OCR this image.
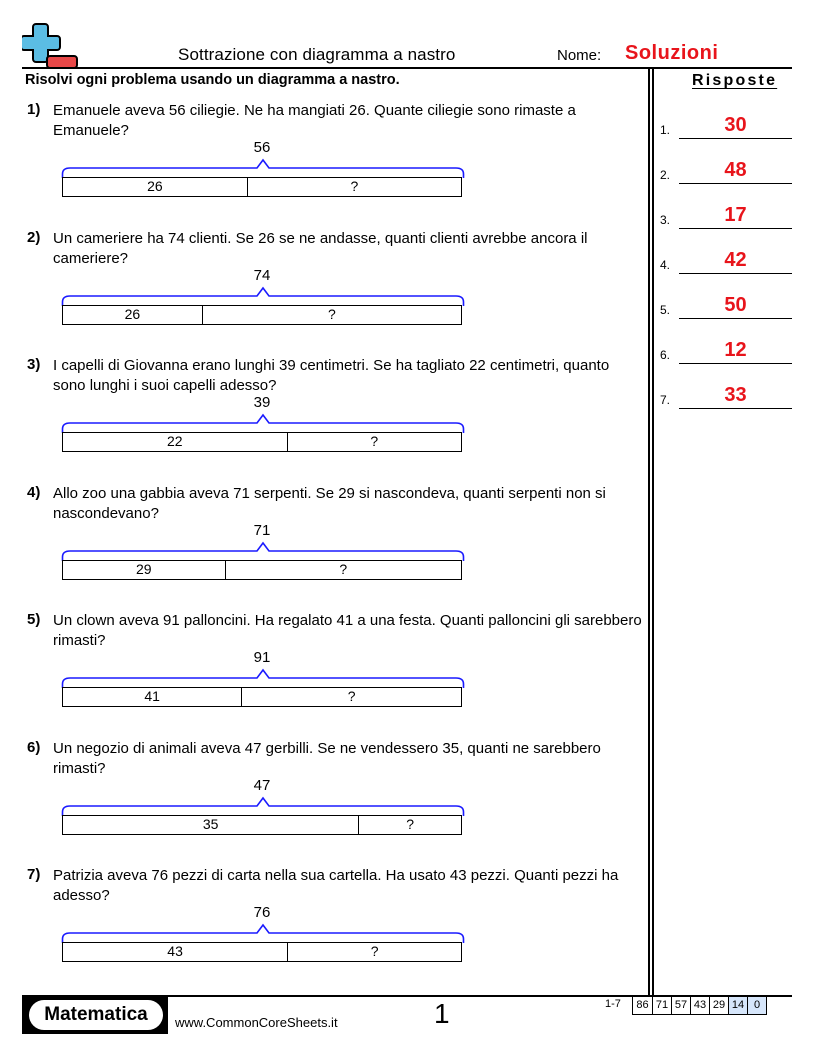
Sottrazione con diagramma a nastro	Nome: Soluzioni
Risolvi ogni problema usando un diagramma a nastro.	Risposte
1.	30
2.	48
3.	17
4.	42
5.	50
6.	12
7.	33
1) Emanuele aveva 56 ciliegie. Ne ha mangiati 26. Quante ciliegie sono rimaste a Emanuele?
56
26	?
2) Un cameriere ha 74 clienti. Se 26 se ne andasse, quanti clienti avrebbe ancora il cameriere?
74
26	?
3) I capelli di Giovanna erano lunghi 39 centimetri. Se ha tagliato 22 centimetri, quanto sono lunghi i suoi capelli adesso?
39
22	?
4) Allo zoo una gabbia aveva 71 serpenti. Se 29 si nascondeva, quanti serpenti non si nascondevano?
71
29	?
5) Un clown aveva 91 palloncini. Ha regalato 41 a una festa. Quanti palloncini gli sarebbero rimasti?
91
41	?
6) Un negozio di animali aveva 47 gerbilli. Se ne vendessero 35, quanti ne sarebbero rimasti?
47
35	?
7) Patrizia aveva 76 pezzi di carta nella sua cartella. Ha usato 43 pezzi. Quanti pezzi ha adesso?
76
43	?
Matematica	www.CommonCoreSheets.it	1	1-7	86 71 57 43 29 14 0
